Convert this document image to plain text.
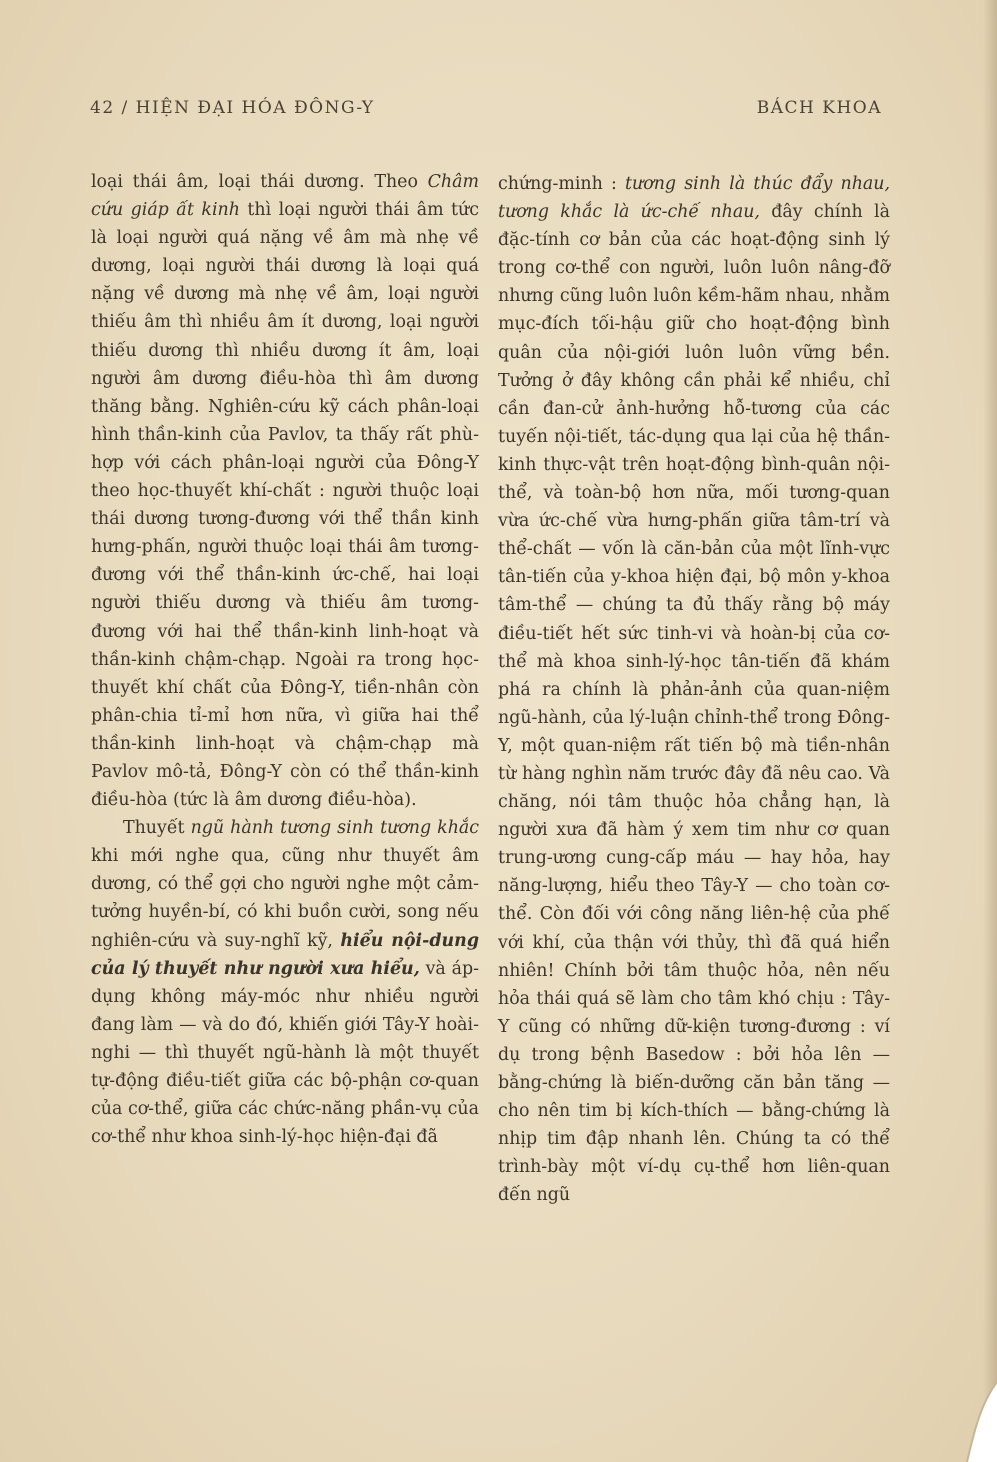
42 / HIỆN ĐẠI HÓA ĐÔNG-Y	BÁCH KHOA

loại thái âm, loại thái dương. Theo Châm cứu giáp ất kinh thì loại người thái âm tức là loại người quá nặng về âm mà nhẹ về dương, loại người thái dương là loại quá nặng về dương mà nhẹ về âm, loại người thiếu âm thì nhiều âm ít dương, loại người thiếu dương thì nhiều dương ít âm, loại người âm dương điều-hòa thì âm dương thăng bằng. Nghiên-cứu kỹ cách phân-loại hình thần-kinh của Pavlov, ta thấy rất phù-hợp với cách phân-loại người của Đông-Y theo học-thuyết khí-chất : người thuộc loại thái dương tương-đương với thể thần kinh hưng-phấn, người thuộc loại thái âm tương-đương với thể thần-kinh ức-chế, hai loại người thiếu dương và thiếu âm tương-đương với hai thể thần-kinh linh-hoạt và thần-kinh chậm-chạp. Ngoài ra trong học-thuyết khí chất của Đông-Y, tiền-nhân còn phân-chia tỉ-mỉ hơn nữa, vì giữa hai thể thần-kinh linh-hoạt và chậm-chạp mà Pavlov mô-tả, Đông-Y còn có thể thần-kinh điều-hòa (tức là âm dương điều-hòa).

Thuyết ngũ hành tương sinh tương khắc khi mới nghe qua, cũng như thuyết âm dương, có thể gợi cho người nghe một cảm-tưởng huyền-bí, có khi buồn cười, song nếu nghiên-cứu và suy-nghĩ kỹ, hiểu nội-dung của lý thuyết như người xưa hiểu, và áp-dụng không máy-móc như nhiều người đang làm — và do đó, khiến giới Tây-Y hoài-nghi — thì thuyết ngũ-hành là một thuyết tự-động điều-tiết giữa các bộ-phận cơ-quan của cơ-thể, giữa các chức-năng phần-vụ của cơ-thể như khoa sinh-lý-học hiện-đại đã

chứng-minh : tương sinh là thúc đẩy nhau, tương khắc là ức-chế nhau, đây chính là đặc-tính cơ bản của các hoạt-động sinh lý trong cơ-thể con người, luôn luôn nâng-đỡ nhưng cũng luôn luôn kềm-hãm nhau, nhằm mục-đích tối-hậu giữ cho hoạt-động bình quân của nội-giới luôn luôn vững bền. Tưởng ở đây không cần phải kể nhiều, chỉ cần đan-cử ảnh-hưởng hỗ-tương của các tuyến nội-tiết, tác-dụng qua lại của hệ thần-kinh thực-vật trên hoạt-động bình-quân nội-thể, và toàn-bộ hơn nữa, mối tương-quan vừa ức-chế vừa hưng-phấn giữa tâm-trí và thể-chất — vốn là căn-bản của một lĩnh-vực tân-tiến của y-khoa hiện đại, bộ môn y-khoa tâm-thể — chúng ta đủ thấy rằng bộ máy điều-tiết hết sức tinh-vi và hoàn-bị của cơ-thể mà khoa sinh-lý-học tân-tiến đã khám phá ra chính là phản-ảnh của quan-niệm ngũ-hành, của lý-luận chỉnh-thể trong Đông-Y, một quan-niệm rất tiến bộ mà tiền-nhân từ hàng nghìn năm trước đây đã nêu cao. Và chăng, nói tâm thuộc hỏa chẳng hạn, là người xưa đã hàm ý xem tim như cơ quan trung-ương cung-cấp máu — hay hỏa, hay năng-lượng, hiểu theo Tây-Y — cho toàn cơ-thể. Còn đối với công năng liên-hệ của phế với khí, của thận với thủy, thì đã quá hiển nhiên! Chính bởi tâm thuộc hỏa, nên nếu hỏa thái quá sẽ làm cho tâm khó chịu : Tây-Y cũng có những dữ-kiện tương-đương : ví dụ trong bệnh Basedow : bởi hỏa lên — bằng-chứng là biến-dưỡng căn bản tăng — cho nên tim bị kích-thích — bằng-chứng là nhịp tim đập nhanh lên. Chúng ta có thể trình-bày một ví-dụ cụ-thể hơn liên-quan đến ngũ
